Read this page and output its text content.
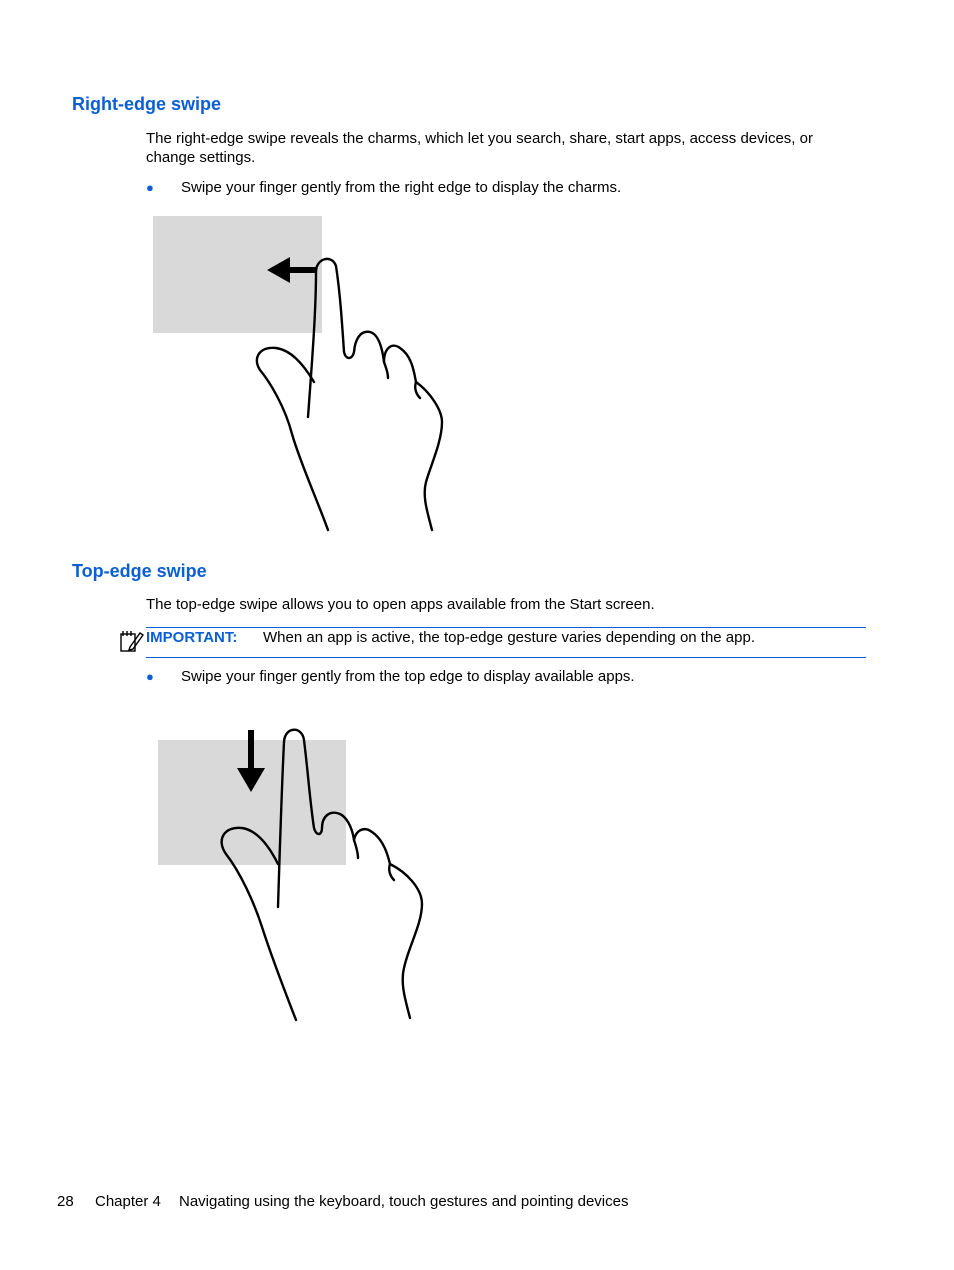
Right-edge swipe

The right-edge swipe reveals the charms, which let you search, share, start apps, access devices, or change settings.

● Swipe your finger gently from the right edge to display the charms.
Top-edge swipe

The top-edge swipe allows you to open apps available from the Start screen.

IMPORTANT: When an app is active, the top-edge gesture varies depending on the app.
● Swipe your finger gently from the top edge to display available apps.
28 Chapter 4 Navigating using the keyboard, touch gestures and pointing devices
